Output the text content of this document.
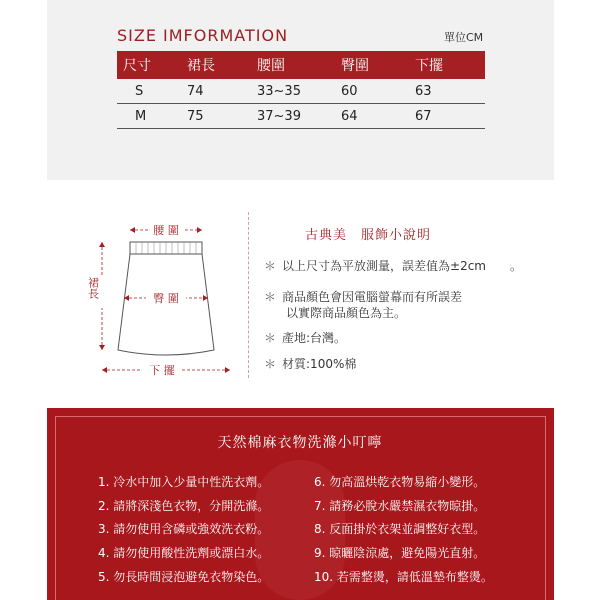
SIZE IMFORMATION	單位CM
尺寸	裙長	腰圍	臀圍	下擺
S	74	33~35	60	63
M	75	37~39	64	67
腰 圍
臀 圍
下 擺
裙長
古典美　服飾小說明
＊ 以上尺寸為平放測量，誤差值為±2cm　　。
＊ 商品顏色會因電腦螢幕而有所誤差
以實際商品顏色為主。
＊ 產地:台灣。
＊ 材質:100%棉
天然棉麻衣物洗滌小叮嚀
1. 冷水中加入少量中性洗衣劑。
2. 請將深淺色衣物，分開洗滌。
3. 請勿使用含磷或強效洗衣粉。
4. 請勿使用酸性洗劑或漂白水。
5. 勿長時間浸泡避免衣物染色。
6. 勿高溫烘乾衣物易縮小變形。
7. 請務必脫水嚴禁濕衣物晾掛。
8. 反面掛於衣架並調整好衣型。
9. 晾曬陰涼處，避免陽光直射。
10. 若需整燙，請低溫墊布整燙。
